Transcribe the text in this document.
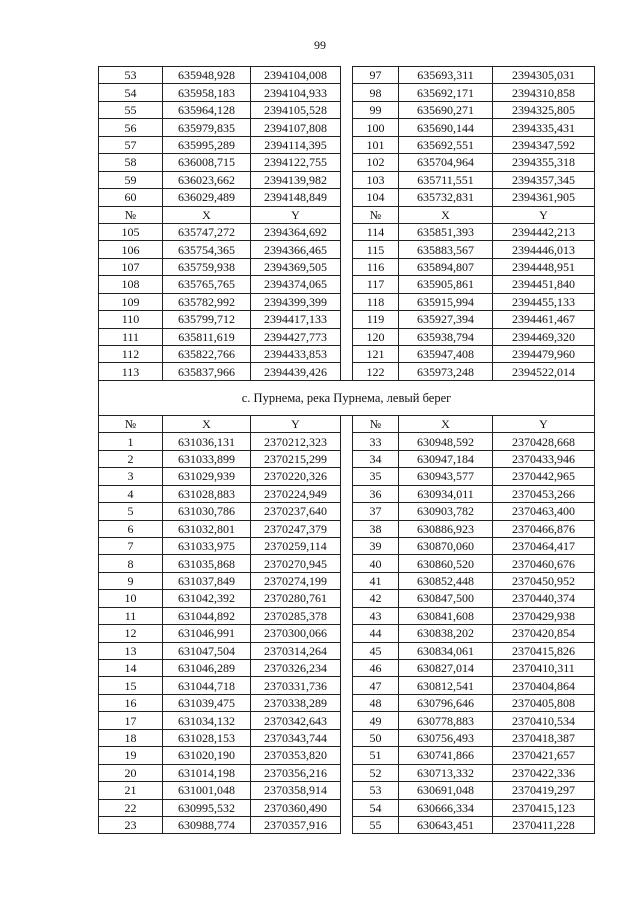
99
53	635948,928	2394104,008		97	635693,311	2394305,031
54	635958,183	2394104,933		98	635692,171	2394310,858
55	635964,128	2394105,528		99	635690,271	2394325,805
56	635979,835	2394107,808		100	635690,144	2394335,431
57	635995,289	2394114,395		101	635692,551	2394347,592
58	636008,715	2394122,755		102	635704,964	2394355,318
59	636023,662	2394139,982		103	635711,551	2394357,345
60	636029,489	2394148,849		104	635732,831	2394361,905
№	X	Y		№	X	Y
105	635747,272	2394364,692		114	635851,393	2394442,213
106	635754,365	2394366,465		115	635883,567	2394446,013
107	635759,938	2394369,505		116	635894,807	2394448,951
108	635765,765	2394374,065		117	635905,861	2394451,840
109	635782,992	2394399,399		118	635915,994	2394455,133
110	635799,712	2394417,133		119	635927,394	2394461,467
111	635811,619	2394427,773		120	635938,794	2394469,320
112	635822,766	2394433,853		121	635947,408	2394479,960
113	635837,966	2394439,426		122	635973,248	2394522,014
с. Пурнема, река Пурнема, левый берег						
№	X	Y		№	X	Y
1	631036,131	2370212,323		33	630948,592	2370428,668
2	631033,899	2370215,299		34	630947,184	2370433,946
3	631029,939	2370220,326		35	630943,577	2370442,965
4	631028,883	2370224,949		36	630934,011	2370453,266
5	631030,786	2370237,640		37	630903,782	2370463,400
6	631032,801	2370247,379		38	630886,923	2370466,876
7	631033,975	2370259,114		39	630870,060	2370464,417
8	631035,868	2370270,945		40	630860,520	2370460,676
9	631037,849	2370274,199		41	630852,448	2370450,952
10	631042,392	2370280,761		42	630847,500	2370440,374
11	631044,892	2370285,378		43	630841,608	2370429,938
12	631046,991	2370300,066		44	630838,202	2370420,854
13	631047,504	2370314,264		45	630834,061	2370415,826
14	631046,289	2370326,234		46	630827,014	2370410,311
15	631044,718	2370331,736		47	630812,541	2370404,864
16	631039,475	2370338,289		48	630796,646	2370405,808
17	631034,132	2370342,643		49	630778,883	2370410,534
18	631028,153	2370343,744		50	630756,493	2370418,387
19	631020,190	2370353,820		51	630741,866	2370421,657
20	631014,198	2370356,216		52	630713,332	2370422,336
21	631001,048	2370358,914		53	630691,048	2370419,297
22	630995,532	2370360,490		54	630666,334	2370415,123
23	630988,774	2370357,916		55	630643,451	2370411,228
